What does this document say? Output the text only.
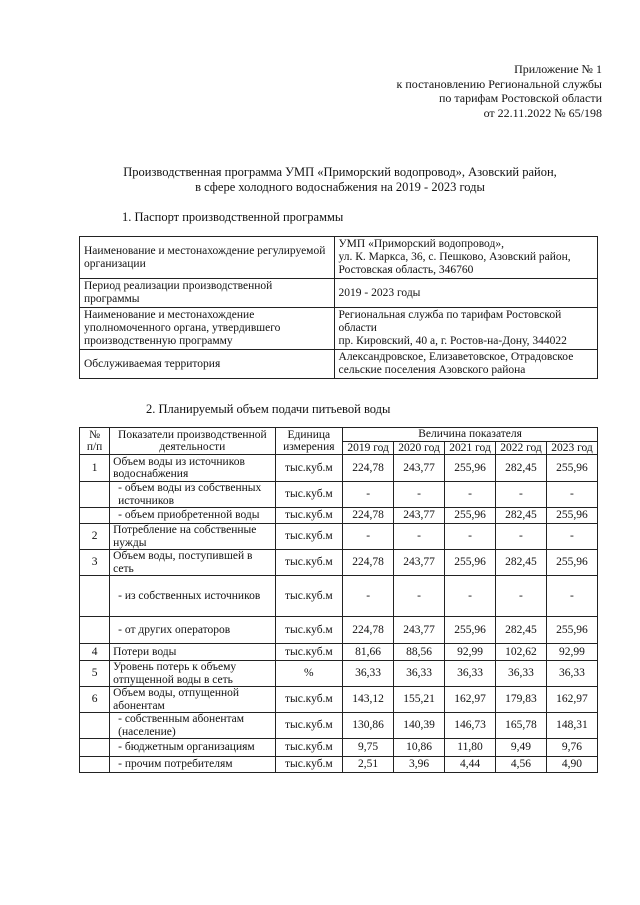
Приложение № 1
к постановлению Региональной службы
по тарифам Ростовской области
от 22.11.2022 № 65/198
Производственная программа УМП «Приморский водопровод», Азовский район,
в сфере холодного водоснабжения на 2019 - 2023 годы
1. Паспорт производственной программы
Наименование и местонахождение регулируемой организации	УМП «Приморский водопровод»,
ул. К. Маркса, 36, с. Пешково, Азовский район,
Ростовская область, 346760

Период реализации производственной программы	2019 - 2023 годы

Наименование и местонахождение уполномоченного органа, утвердившего производственную программу	Региональная служба по тарифам Ростовской
области
пр. Кировский, 40 а, г. Ростов-на-Дону, 344022

Обслуживаемая территория	Александровское, Елизаветовское, Отрадовское
сельские поселения Азовского района
2. Планируемый объем подачи питьевой воды
№ п/п	Показатели производственной деятельности	Единица измерения	Величина показателя				
			2019 год	2020 год	2021 год	2022 год	2023 год
1	Объем воды из источников водоснабжения	тыс.куб.м	224,78	243,77	255,96	282,45	255,96
	- объем воды из собственных источников	тыс.куб.м	-	-	-	-	-
	- объем приобретенной воды	тыс.куб.м	224,78	243,77	255,96	282,45	255,96
2	Потребление на собственные нужды	тыс.куб.м	-	-	-	-	-
3	Объем воды, поступившей в сеть	тыс.куб.м	224,78	243,77	255,96	282,45	255,96
	- из собственных источников	тыс.куб.м	-	-	-	-	-
	- от других операторов	тыс.куб.м	224,78	243,77	255,96	282,45	255,96
4	Потери воды	тыс.куб.м	81,66	88,56	92,99	102,62	92,99
5	Уровень потерь к объему отпущенной воды в сеть	%	36,33	36,33	36,33	36,33	36,33
6	Объем воды, отпущенной абонентам	тыс.куб.м	143,12	155,21	162,97	179,83	162,97
	- собственным абонентам (население)	тыс.куб.м	130,86	140,39	146,73	165,78	148,31
	- бюджетным организациям	тыс.куб.м	9,75	10,86	11,80	9,49	9,76
	- прочим потребителям	тыс.куб.м	2,51	3,96	4,44	4,56	4,90
